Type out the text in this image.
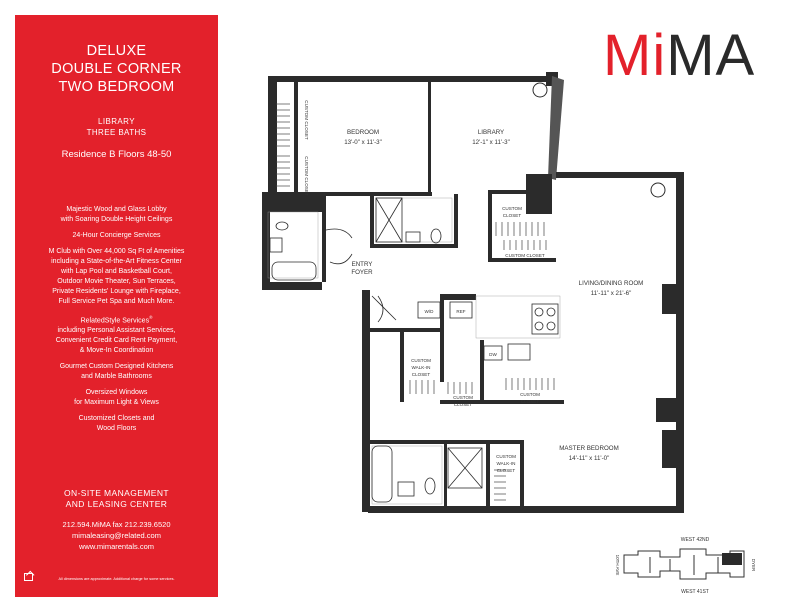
DELUXE
DOUBLE CORNER
TWO BEDROOM
LIBRARY
THREE BATHS
Residence B Floors 48-50

Majestic Wood and Glass Lobby
with Soaring Double Height Ceilings

24-Hour Concierge Services

M Club with Over 44,000 Sq Ft of Amenities
including a State-of-the-Art Fitness Center
with Lap Pool and Basketball Court,
Outdoor Movie Theater, Sun Terraces,
Private Residents' Lounge with Fireplace,
Full Service Pet Spa and Much More.

RelatedStyle Services®
including Personal Assistant Services,
Convenient Credit Card Rent Payment,
& Move-In Coordination

Gourmet Custom Designed Kitchens
and Marble Bathrooms

Oversized Windows
for Maximum Light & Views

Customized Closets and
Wood Floors

ON-SITE MANAGEMENT
AND LEASING CENTER
212.594.MiMA fax 212.239.6520
mimaleasing@related.com
www.mimarentals.com
All dimensions are approximate. Additional charge for some services.
MiMA
BEDROOM
13'-0" x 11'-3"
LIBRARY
12'-1" x 11'-3"
LIVING/DINING ROOM
11'-11" x 21'-6"
MASTER BEDROOM
14'-11" x 11'-0"
ENTRY
FOYER
CUSTOM CLOSET
CUSTOM CLOSET
CUSTOM
CLOSET
CUSTOM CLOSET
CUSTOM
WALK-IN
CLOSET
CUSTOM
CLOSET
CUSTOM
CLOSET
CUSTOM
WALK-IN
CLOSET
W/D	REF
DW
WEST 42ND
WEST 41ST
10TH AVE	DYER
